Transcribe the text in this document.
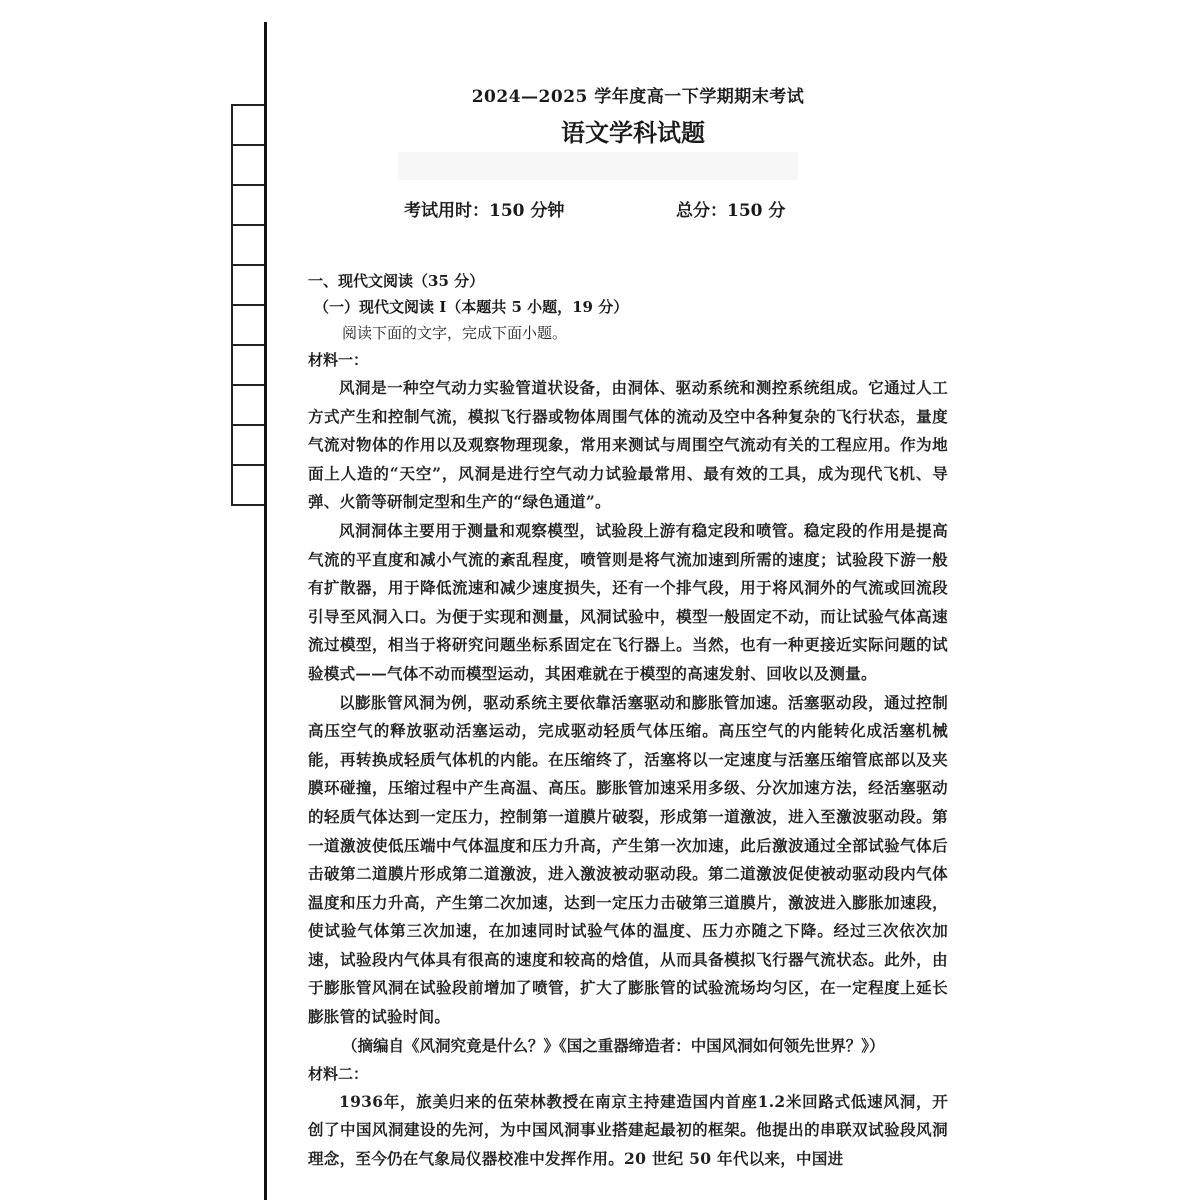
2024—2025 学年度高一下学期期末考试
语文学科试题
考试用时：150 分钟	总分：150 分
一、现代文阅读（35 分）
（一）现代文阅读 I（本题共 5 小题，19 分）
阅读下面的文字，完成下面小题。
材料一：

风洞是一种空气动力实验管道状设备，由洞体、驱动系统和测控系统组成。它通过人工方式产生和控制气流，模拟飞行器或物体周围气体的流动及空中各种复杂的飞行状态，量度气流对物体的作用以及观察物理现象，常用来测试与周围空气流动有关的工程应用。作为地面上人造的“天空”，风洞是进行空气动力试验最常用、最有效的工具，成为现代飞机、导弹、火箭等研制定型和生产的“绿色通道”。

风洞洞体主要用于测量和观察模型，试验段上游有稳定段和喷管。稳定段的作用是提高气流的平直度和减小气流的紊乱程度，喷管则是将气流加速到所需的速度；试验段下游一般有扩散器，用于降低流速和减少速度损失，还有一个排气段，用于将风洞外的气流或回流段引导至风洞入口。为便于实现和测量，风洞试验中，模型一般固定不动，而让试验气体高速流过模型，相当于将研究问题坐标系固定在飞行器上。当然，也有一种更接近实际问题的试验模式——气体不动而模型运动，其困难就在于模型的高速发射、回收以及测量。

以膨胀管风洞为例，驱动系统主要依靠活塞驱动和膨胀管加速。活塞驱动段，通过控制高压空气的释放驱动活塞运动，完成驱动轻质气体压缩。高压空气的内能转化成活塞机械能，再转换成轻质气体机的内能。在压缩终了，活塞将以一定速度与活塞压缩管底部以及夹膜环碰撞，压缩过程中产生高温、高压。膨胀管加速采用多级、分次加速方法，经活塞驱动的轻质气体达到一定压力，控制第一道膜片破裂，形成第一道激波，进入至激波驱动段。第一道激波使低压端中气体温度和压力升高，产生第一次加速，此后激波通过全部试验气体后击破第二道膜片形成第二道激波，进入激波被动驱动段。第二道激波促使被动驱动段内气体温度和压力升高，产生第二次加速，达到一定压力击破第三道膜片，激波进入膨胀加速段，使试验气体第三次加速，在加速同时试验气体的温度、压力亦随之下降。经过三次依次加速，试验段内气体具有很高的速度和较高的焓值，从而具备模拟飞行器气流状态。此外，由于膨胀管风洞在试验段前增加了喷管，扩大了膨胀管的试验流场均匀区，在一定程度上延长膨胀管的试验时间。

（摘编自《风洞究竟是什么？》《国之重器缔造者：中国风洞如何领先世界？》）
材料二：

1936年，旅美归来的伍荣林教授在南京主持建造国内首座1.2米回路式低速风洞，开创了中国风洞建设的先河，为中国风洞事业搭建起最初的框架。他提出的串联双试验段风洞理念，至今仍在气象局仪器校准中发挥作用。20 世纪 50 年代以来，中国进
